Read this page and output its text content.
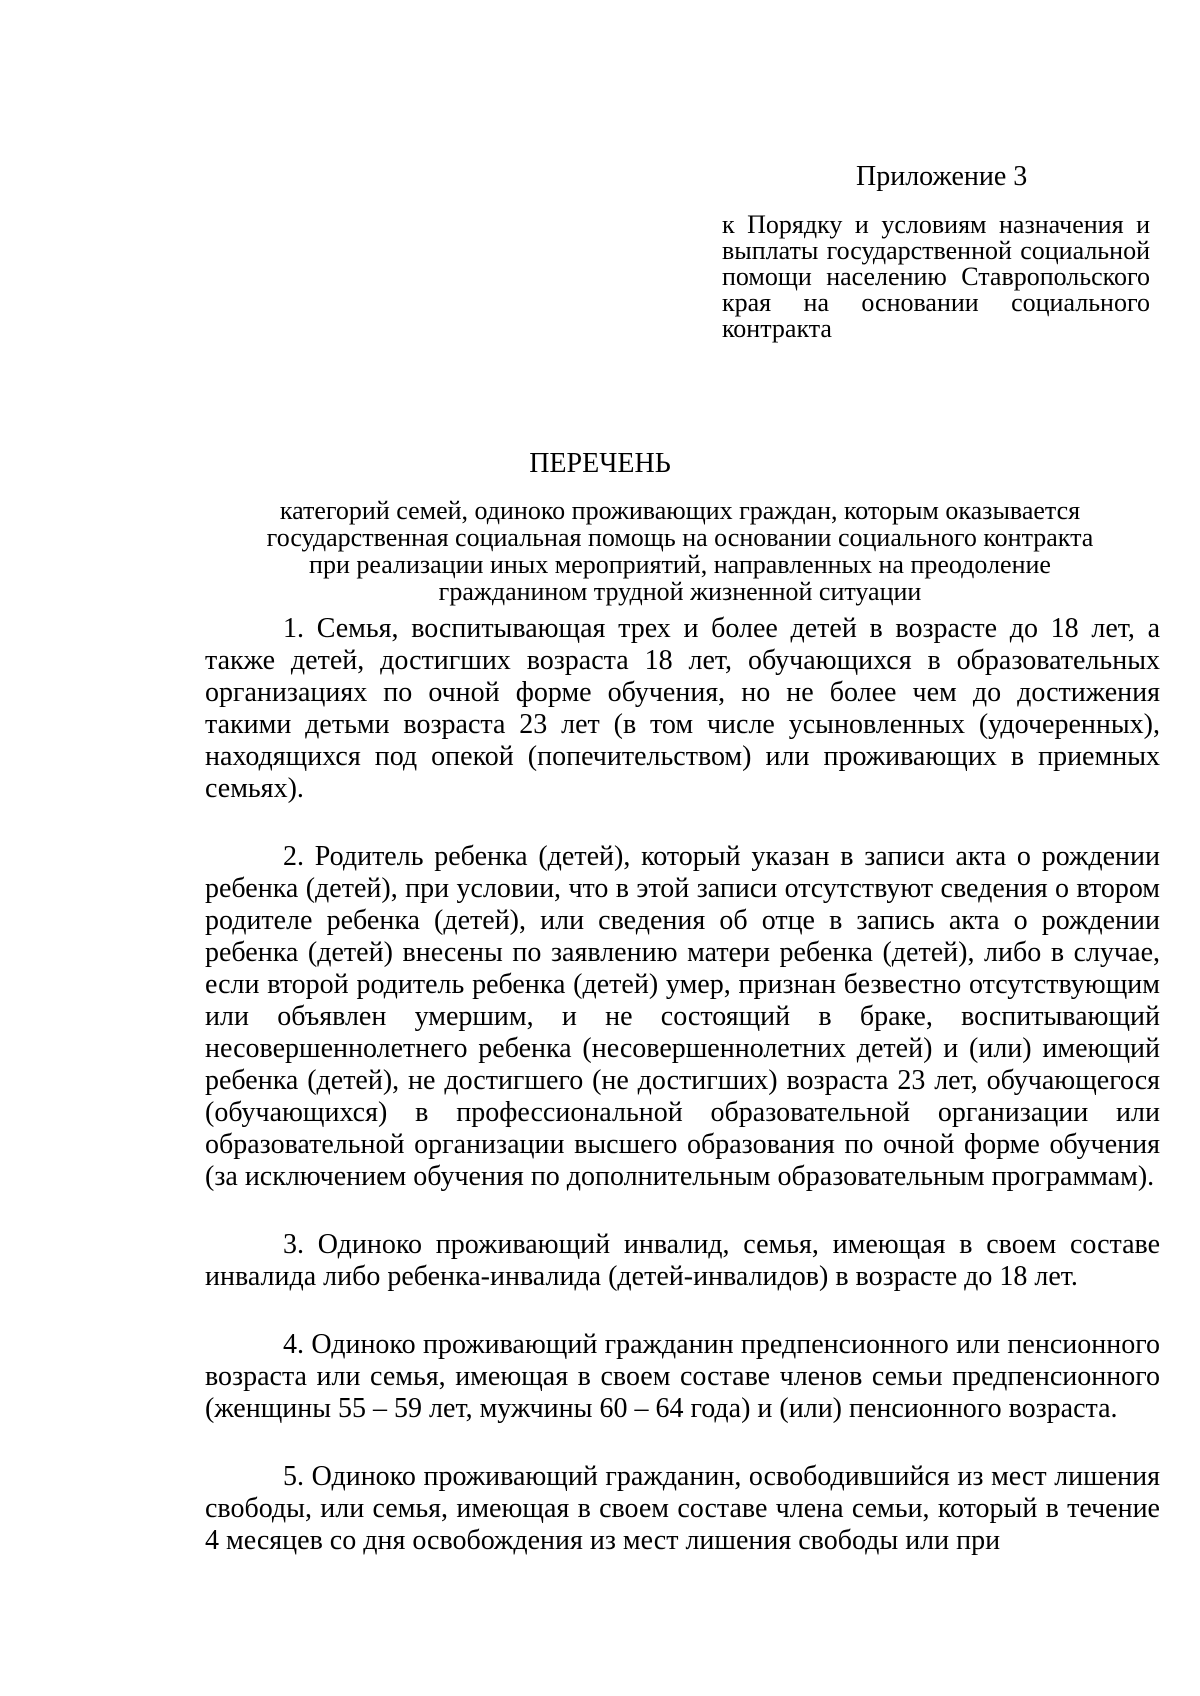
Приложение 3
к Порядку и условиям назначения и выплаты государственной социальной помощи населению Ставропольского края на основании социального контракта
ПЕРЕЧЕНЬ
категорий семей, одиноко проживающих граждан, которым оказывается
государственная социальная помощь на основании социального контракта
при реализации иных мероприятий, направленных на преодоление
гражданином трудной жизненной ситуации

1. Семья, воспитывающая трех и более детей в возрасте до 18 лет, а также детей, достигших возраста 18 лет, обучающихся в образовательных организациях по очной форме обучения, но не более чем до достижения такими детьми возраста 23 лет (в том числе усыновленных (удочеренных), находящихся под опекой (попечительством) или проживающих в приемных семьях).

2. Родитель ребенка (детей), который указан в записи акта о рождении ребенка (детей), при условии, что в этой записи отсутствуют сведения о втором родителе ребенка (детей), или сведения об отце в запись акта о рождении ребенка (детей) внесены по заявлению матери ребенка (детей), либо в случае, если второй родитель ребенка (детей) умер, признан безвестно отсутствующим или объявлен умершим, и не состоящий в браке, воспитывающий несовершеннолетнего ребенка (несовершеннолетних детей) и (или) имеющий ребенка (детей), не достигшего (не достигших) возраста 23 лет, обучающегося (обучающихся) в профессиональной образовательной организации или образовательной организации высшего образования по очной форме обучения (за исключением обучения по дополнительным образовательным программам).

3. Одиноко проживающий инвалид, семья, имеющая в своем составе инвалида либо ребенка-инвалида (детей-инвалидов) в возрасте до 18 лет.

4. Одиноко проживающий гражданин предпенсионного или пенсионного возраста или семья, имеющая в своем составе членов семьи предпенсионного (женщины 55 – 59 лет, мужчины 60 – 64 года) и (или) пенсионного возраста.

5. Одиноко проживающий гражданин, освободившийся из мест лишения свободы, или семья, имеющая в своем составе члена семьи, который в течение 4 месяцев со дня освобождения из мест лишения свободы или при
